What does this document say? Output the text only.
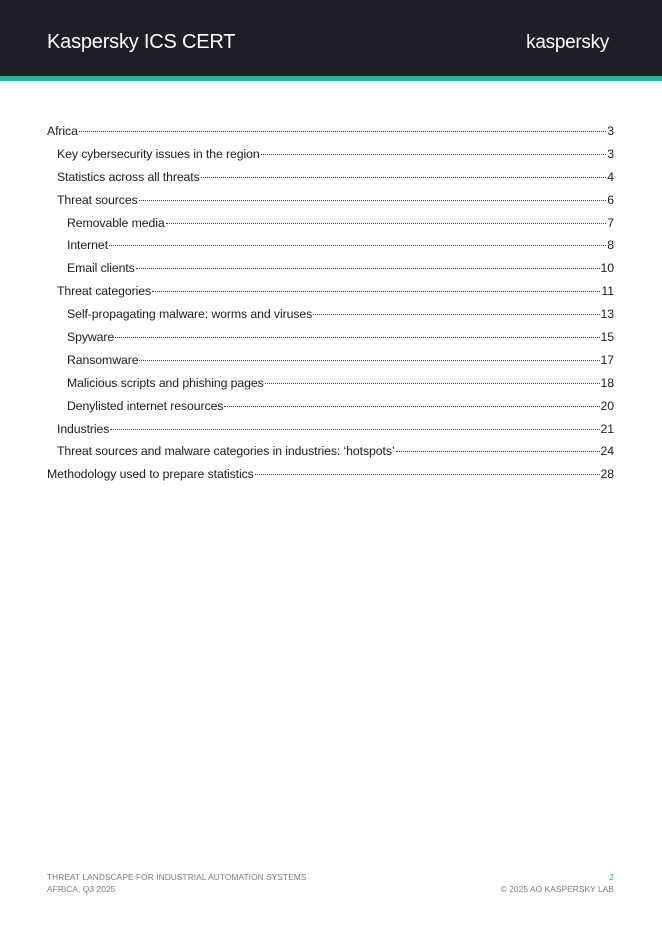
Kaspersky ICS CERT	kaspersky
Africa	3
Key cybersecurity issues in the region	3
Statistics across all threats	4
Threat sources	6
Removable media	7
Internet	8
Email clients	10
Threat categories	11
Self-propagating malware: worms and viruses	13
Spyware	15
Ransomware	17
Malicious scripts and phishing pages	18
Denylisted internet resources	20
Industries	21
Threat sources and malware categories in industries: ‘hotspots’	24
Methodology used to prepare statistics	28
THREAT LANDSCAPE FOR INDUSTRIAL AUTOMATION SYSTEMS
AFRICA, Q3 2025
2
© 2025 AO KASPERSKY LAB
